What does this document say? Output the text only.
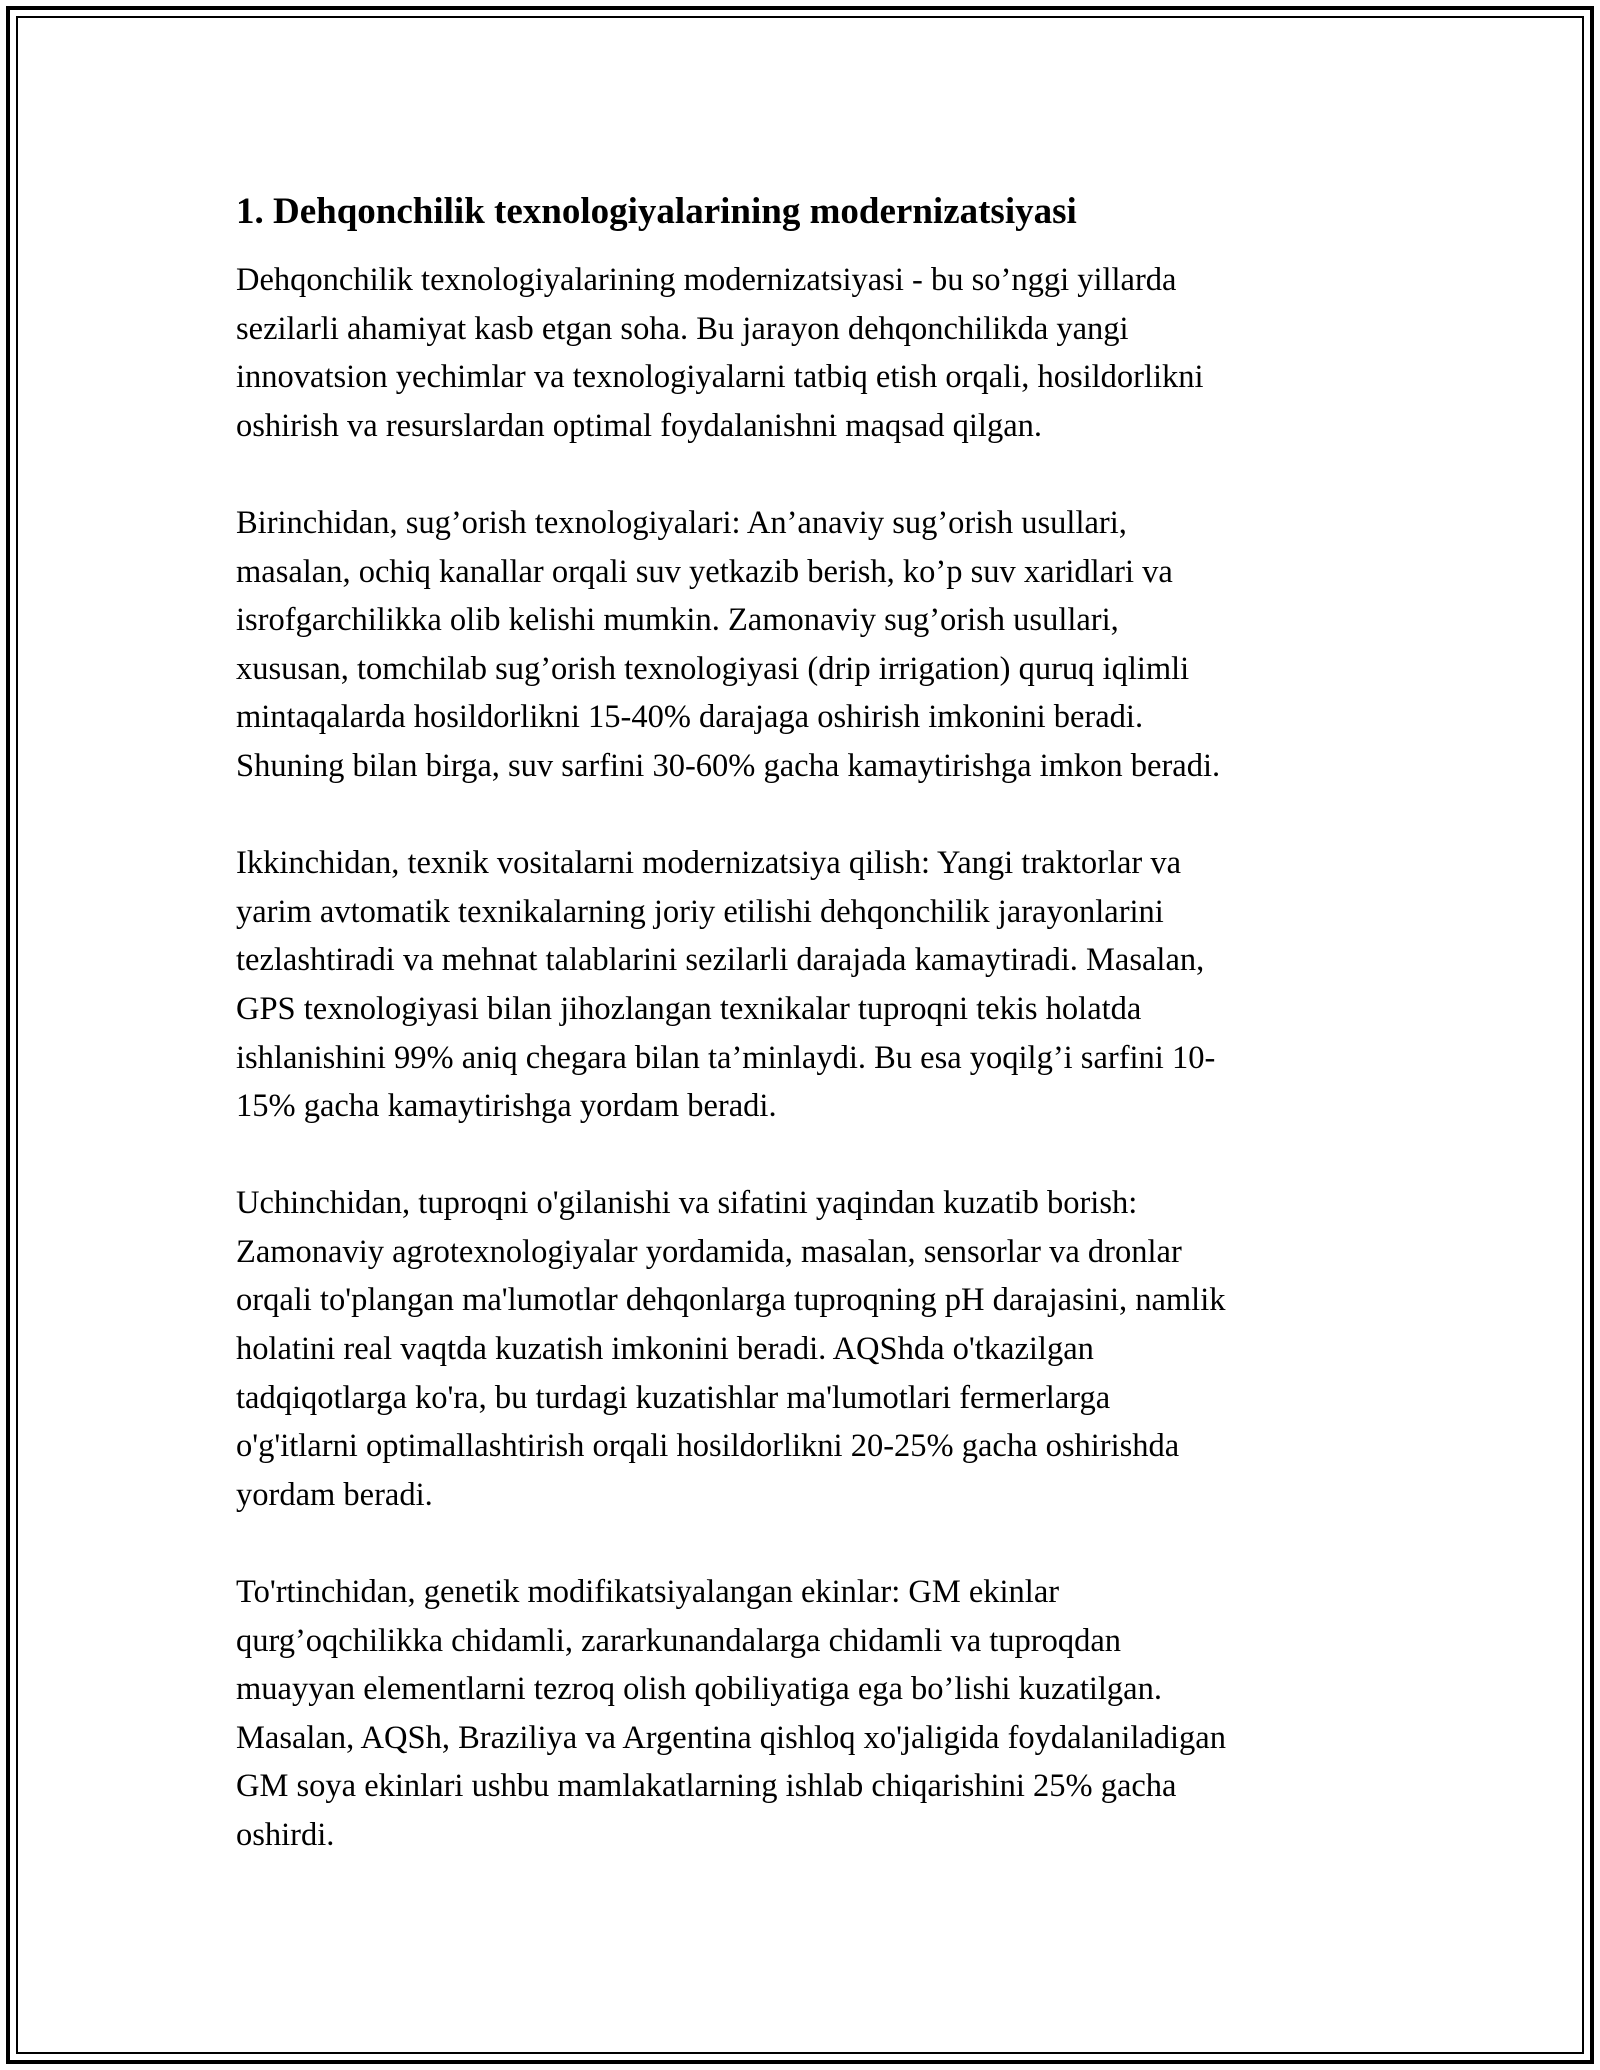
1. Dehqonchilik texnologiyalarining modernizatsiyasi

Dehqonchilik texnologiyalarining modernizatsiyasi - bu so’nggi yillarda
sezilarli ahamiyat kasb etgan soha. Bu jarayon dehqonchilikda yangi
innovatsion yechimlar va texnologiyalarni tatbiq etish orqali, hosildorlikni
oshirish va resurslardan optimal foydalanishni maqsad qilgan.

Birinchidan, sug’orish texnologiyalari: An’anaviy sug’orish usullari,
masalan, ochiq kanallar orqali suv yetkazib berish, ko’p suv xaridlari va
isrofgarchilikka olib kelishi mumkin. Zamonaviy sug’orish usullari,
xususan, tomchilab sug’orish texnologiyasi (drip irrigation) quruq iqlimli
mintaqalarda hosildorlikni 15-40% darajaga oshirish imkonini beradi.
Shuning bilan birga, suv sarfini 30-60% gacha kamaytirishga imkon beradi.

Ikkinchidan, texnik vositalarni modernizatsiya qilish: Yangi traktorlar va
yarim avtomatik texnikalarning joriy etilishi dehqonchilik jarayonlarini
tezlashtiradi va mehnat talablarini sezilarli darajada kamaytiradi. Masalan,
GPS texnologiyasi bilan jihozlangan texnikalar tuproqni tekis holatda
ishlanishini 99% aniq chegara bilan ta’minlaydi. Bu esa yoqilg’i sarfini 10-
15% gacha kamaytirishga yordam beradi.

Uchinchidan, tuproqni o'gilanishi va sifatini yaqindan kuzatib borish:
Zamonaviy agrotexnologiyalar yordamida, masalan, sensorlar va dronlar
orqali to'plangan ma'lumotlar dehqonlarga tuproqning pH darajasini, namlik
holatini real vaqtda kuzatish imkonini beradi. AQShda o'tkazilgan
tadqiqotlarga ko'ra, bu turdagi kuzatishlar ma'lumotlari fermerlarga
o'g'itlarni optimallashtirish orqali hosildorlikni 20-25% gacha oshirishda
yordam beradi.

To'rtinchidan, genetik modifikatsiyalangan ekinlar: GM ekinlar
qurg’oqchilikka chidamli, zararkunandalarga chidamli va tuproqdan
muayyan elementlarni tezroq olish qobiliyatiga ega bo’lishi kuzatilgan.
Masalan, AQSh, Braziliya va Argentina qishloq xo'jaligida foydalaniladigan
GM soya ekinlari ushbu mamlakatlarning ishlab chiqarishini 25% gacha
oshirdi.
